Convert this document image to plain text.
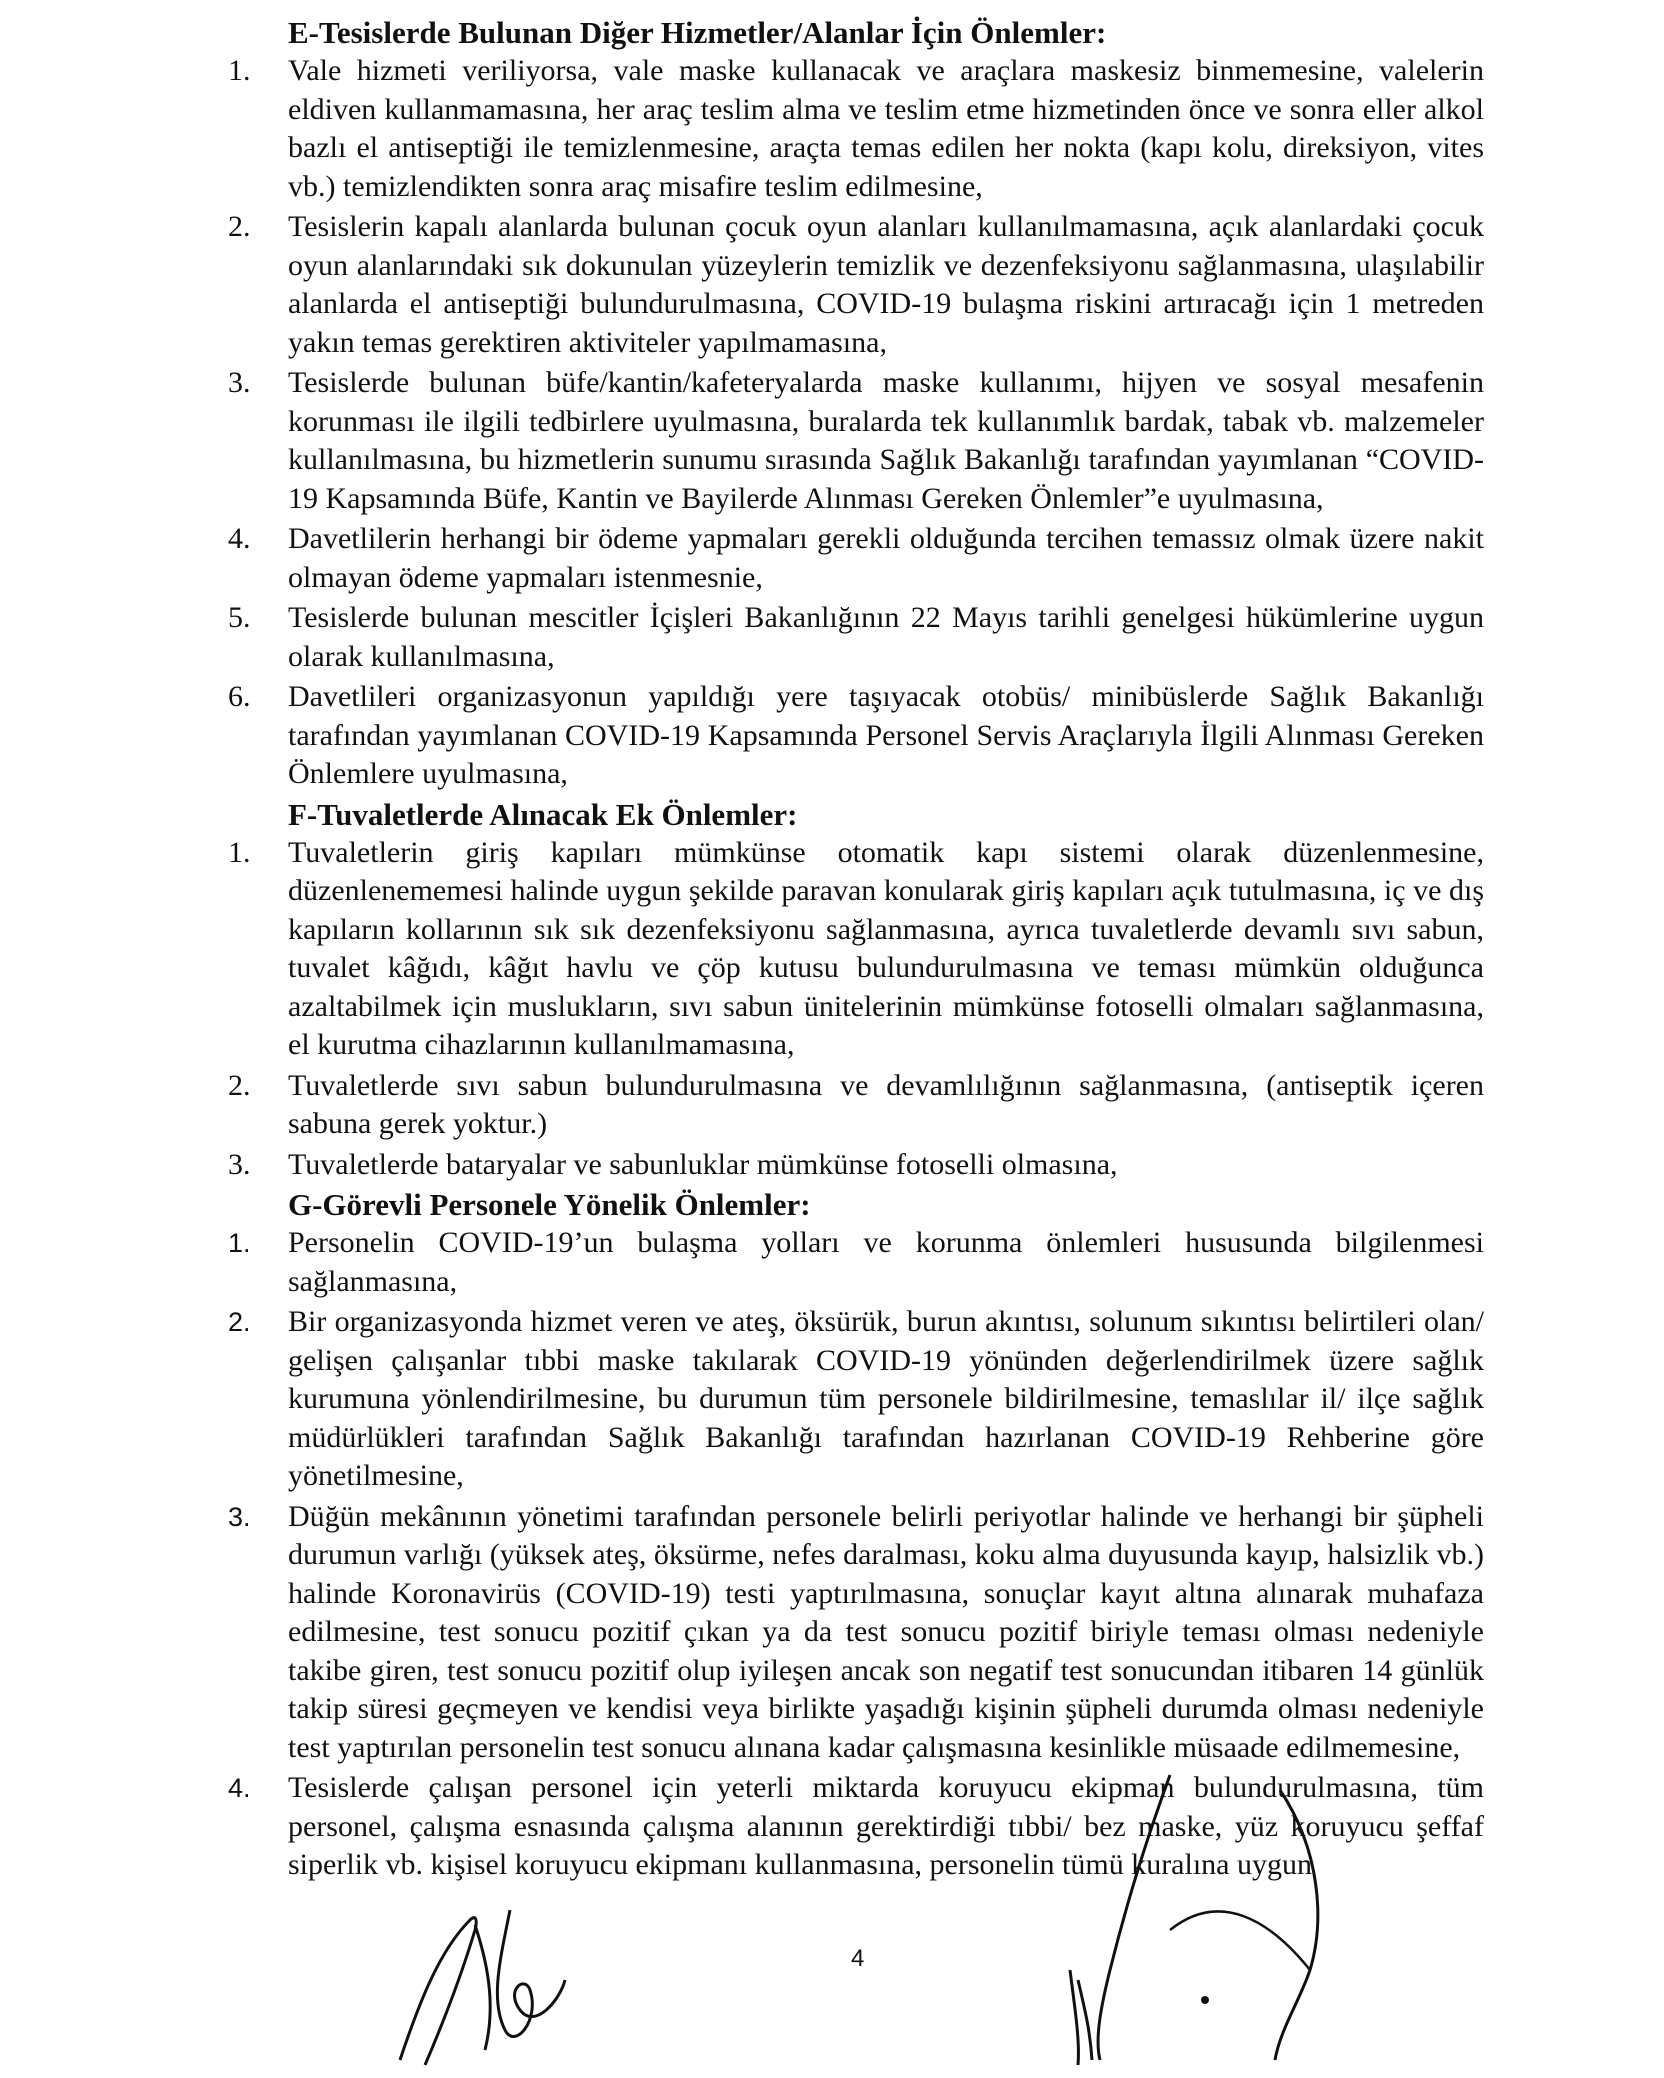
E-Tesislerde Bulunan Diğer Hizmetler/Alanlar İçin Önlemler:
1.	Vale hizmeti veriliyorsa, vale maske kullanacak ve araçlara maskesiz binmemesine, valelerin eldiven kullanmamasına, her araç teslim alma ve teslim etme hizmetinden önce ve sonra eller alkol bazlı el antiseptiği ile temizlenmesine, araçta temas edilen her nokta (kapı kolu, direksiyon, vites vb.) temizlendikten sonra araç misafire teslim edilmesine,

2.	Tesislerin kapalı alanlarda bulunan çocuk oyun alanları kullanılmamasına, açık alanlardaki çocuk oyun alanlarındaki sık dokunulan yüzeylerin temizlik ve dezenfeksiyonu sağlanmasına, ulaşılabilir alanlarda el antiseptiği bulundurulmasına, COVID-19 bulaşma riskini artıracağı için 1 metreden yakın temas gerektiren aktiviteler yapılmamasına,

3.	Tesislerde bulunan büfe/kantin/kafeteryalarda maske kullanımı, hijyen ve sosyal mesafenin korunması ile ilgili tedbirlere uyulmasına, buralarda tek kullanımlık bardak, tabak vb. malzemeler kullanılmasına, bu hizmetlerin sunumu sırasında Sağlık Bakanlığı tarafından yayımlanan “COVID-19 Kapsamında Büfe, Kantin ve Bayilerde Alınması Gereken Önlemler”e uyulmasına,

4.	Davetlilerin herhangi bir ödeme yapmaları gerekli olduğunda tercihen temassız olmak üzere nakit olmayan ödeme yapmaları istenmesnie,

5.	Tesislerde bulunan mescitler İçişleri Bakanlığının 22 Mayıs tarihli genelgesi hükümlerine uygun olarak kullanılmasına,

6.	Davetlileri organizasyonun yapıldığı yere taşıyacak otobüs/ minibüslerde Sağlık Bakanlığı tarafından yayımlanan COVID-19 Kapsamında Personel Servis Araçlarıyla İlgili Alınması Gereken Önlemlere uyulmasına,

F-Tuvaletlerde Alınacak Ek Önlemler:
1.	Tuvaletlerin giriş kapıları mümkünse otomatik kapı sistemi olarak düzenlenmesine, düzenlenememesi halinde uygun şekilde paravan konularak giriş kapıları açık tutulmasına, iç ve dış kapıların kollarının sık sık dezenfeksiyonu sağlanmasına, ayrıca tuvaletlerde devamlı sıvı sabun, tuvalet kâğıdı, kâğıt havlu ve çöp kutusu bulundurulmasına ve teması mümkün olduğunca azaltabilmek için muslukların, sıvı sabun ünitelerinin mümkünse fotoselli olmaları sağlanmasına, el kurutma cihazlarının kullanılmamasına,

2.	Tuvaletlerde sıvı sabun bulundurulmasına ve devamlılığının sağlanmasına, (antiseptik içeren sabuna gerek yoktur.)

3.	Tuvaletlerde bataryalar ve sabunluklar mümkünse fotoselli olmasına,

G-Görevli Personele Yönelik Önlemler:
1.	Personelin COVID-19’un bulaşma yolları ve korunma önlemleri hususunda bilgilenmesi sağlanmasına,

2.	Bir organizasyonda hizmet veren ve ateş, öksürük, burun akıntısı, solunum sıkıntısı belirtileri olan/ gelişen çalışanlar tıbbi maske takılarak COVID-19 yönünden değerlendirilmek üzere sağlık kurumuna yönlendirilmesine, bu durumun tüm personele bildirilmesine, temaslılar il/ ilçe sağlık müdürlükleri tarafından Sağlık Bakanlığı tarafından hazırlanan COVID-19 Rehberine göre yönetilmesine,

3.	Düğün mekânının yönetimi tarafından personele belirli periyotlar halinde ve herhangi bir şüpheli durumun varlığı (yüksek ateş, öksürme, nefes daralması, koku alma duyusunda kayıp, halsizlik vb.) halinde Koronavirüs (COVID-19) testi yaptırılmasına, sonuçlar kayıt altına alınarak muhafaza edilmesine, test sonucu pozitif çıkan ya da test sonucu pozitif biriyle teması olması nedeniyle takibe giren, test sonucu pozitif olup iyileşen ancak son negatif test sonucundan itibaren 14 günlük takip süresi geçmeyen ve kendisi veya birlikte yaşadığı kişinin şüpheli durumda olması nedeniyle test yaptırılan personelin test sonucu alınana kadar çalışmasına kesinlikle müsaade edilmemesine,

4.	Tesislerde çalışan personel için yeterli miktarda koruyucu ekipman bulundurulmasına, tüm personel, çalışma esnasında çalışma alanının gerektirdiği tıbbi/ bez maske, yüz koruyucu şeffaf siperlik vb. kişisel koruyucu ekipmanı kullanmasına, personelin tümü kuralına uygun

4
